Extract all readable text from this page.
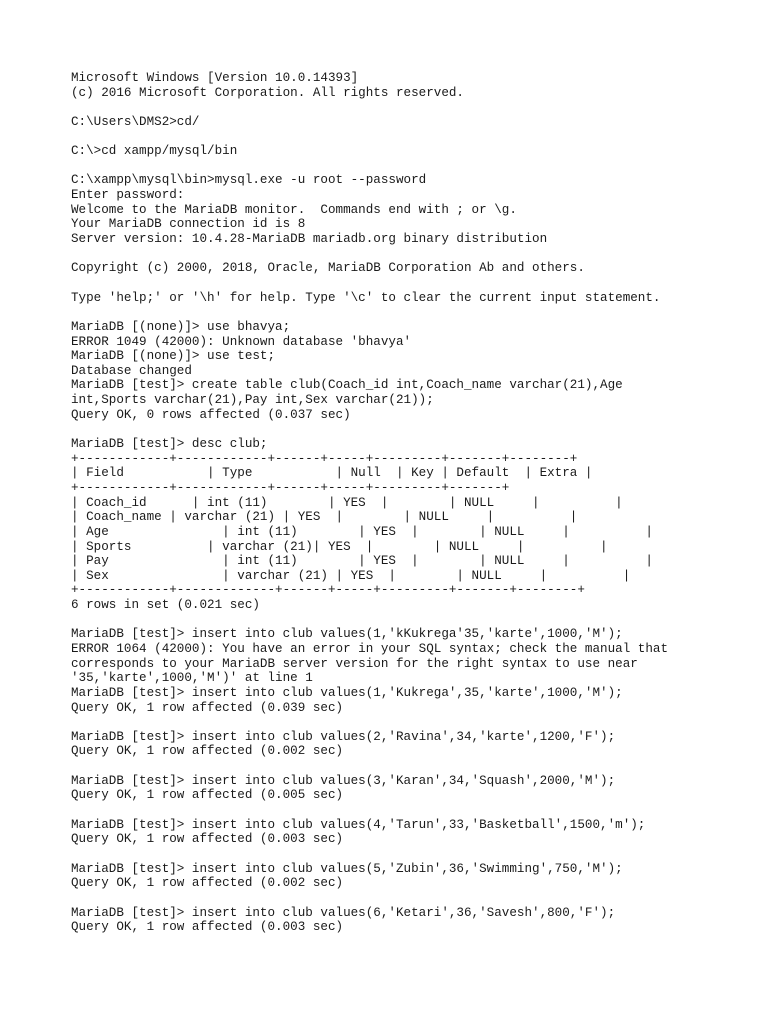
Microsoft Windows [Version 10.0.14393]
(c) 2016 Microsoft Corporation. All rights reserved.
C:\Users\DMS2>cd/
C:\>cd xampp/mysql/bin
C:\xampp\mysql\bin>mysql.exe -u root --password
Enter password:
Welcome to the MariaDB monitor.  Commands end with ; or \g.
Your MariaDB connection id is 8
Server version: 10.4.28-MariaDB mariadb.org binary distribution
Copyright (c) 2000, 2018, Oracle, MariaDB Corporation Ab and others.
Type 'help;' or '\h' for help. Type '\c' to clear the current input statement.
MariaDB [(none)]> use bhavya;
ERROR 1049 (42000): Unknown database 'bhavya'
MariaDB [(none)]> use test;
Database changed
MariaDB [test]> create table club(Coach_id int,Coach_name varchar(21),Age
int,Sports varchar(21),Pay int,Sex varchar(21));
Query OK, 0 rows affected (0.037 sec)
MariaDB [test]> desc club;
+------------+------------+------+-----+---------+-------+--------+
| Field           | Type           | Null  | Key | Default  | Extra |
+------------+------------+------+-----+---------+-------+
| Coach_id      | int (11)        | YES  |        | NULL     |          |
| Coach_name | varchar (21) | YES  |        | NULL     |          |
| Age               | int (11)        | YES  |        | NULL     |          |
| Sports          | varchar (21)| YES  |        | NULL     |          |
| Pay               | int (11)        | YES  |        | NULL     |          |
| Sex               | varchar (21) | YES  |        | NULL     |          |
+------------+-------------+------+-----+---------+-------+--------+
6 rows in set (0.021 sec)
MariaDB [test]> insert into club values(1,'kKukrega'35,'karte',1000,'M');
ERROR 1064 (42000): You have an error in your SQL syntax; check the manual that
corresponds to your MariaDB server version for the right syntax to use near
'35,'karte',1000,'M')' at line 1
MariaDB [test]> insert into club values(1,'Kukrega',35,'karte',1000,'M');
Query OK, 1 row affected (0.039 sec)
MariaDB [test]> insert into club values(2,'Ravina',34,'karte',1200,'F');
Query OK, 1 row affected (0.002 sec)
MariaDB [test]> insert into club values(3,'Karan',34,'Squash',2000,'M');
Query OK, 1 row affected (0.005 sec)
MariaDB [test]> insert into club values(4,'Tarun',33,'Basketball',1500,'m');
Query OK, 1 row affected (0.003 sec)
MariaDB [test]> insert into club values(5,'Zubin',36,'Swimming',750,'M');
Query OK, 1 row affected (0.002 sec)
MariaDB [test]> insert into club values(6,'Ketari',36,'Savesh',800,'F');
Query OK, 1 row affected (0.003 sec)
